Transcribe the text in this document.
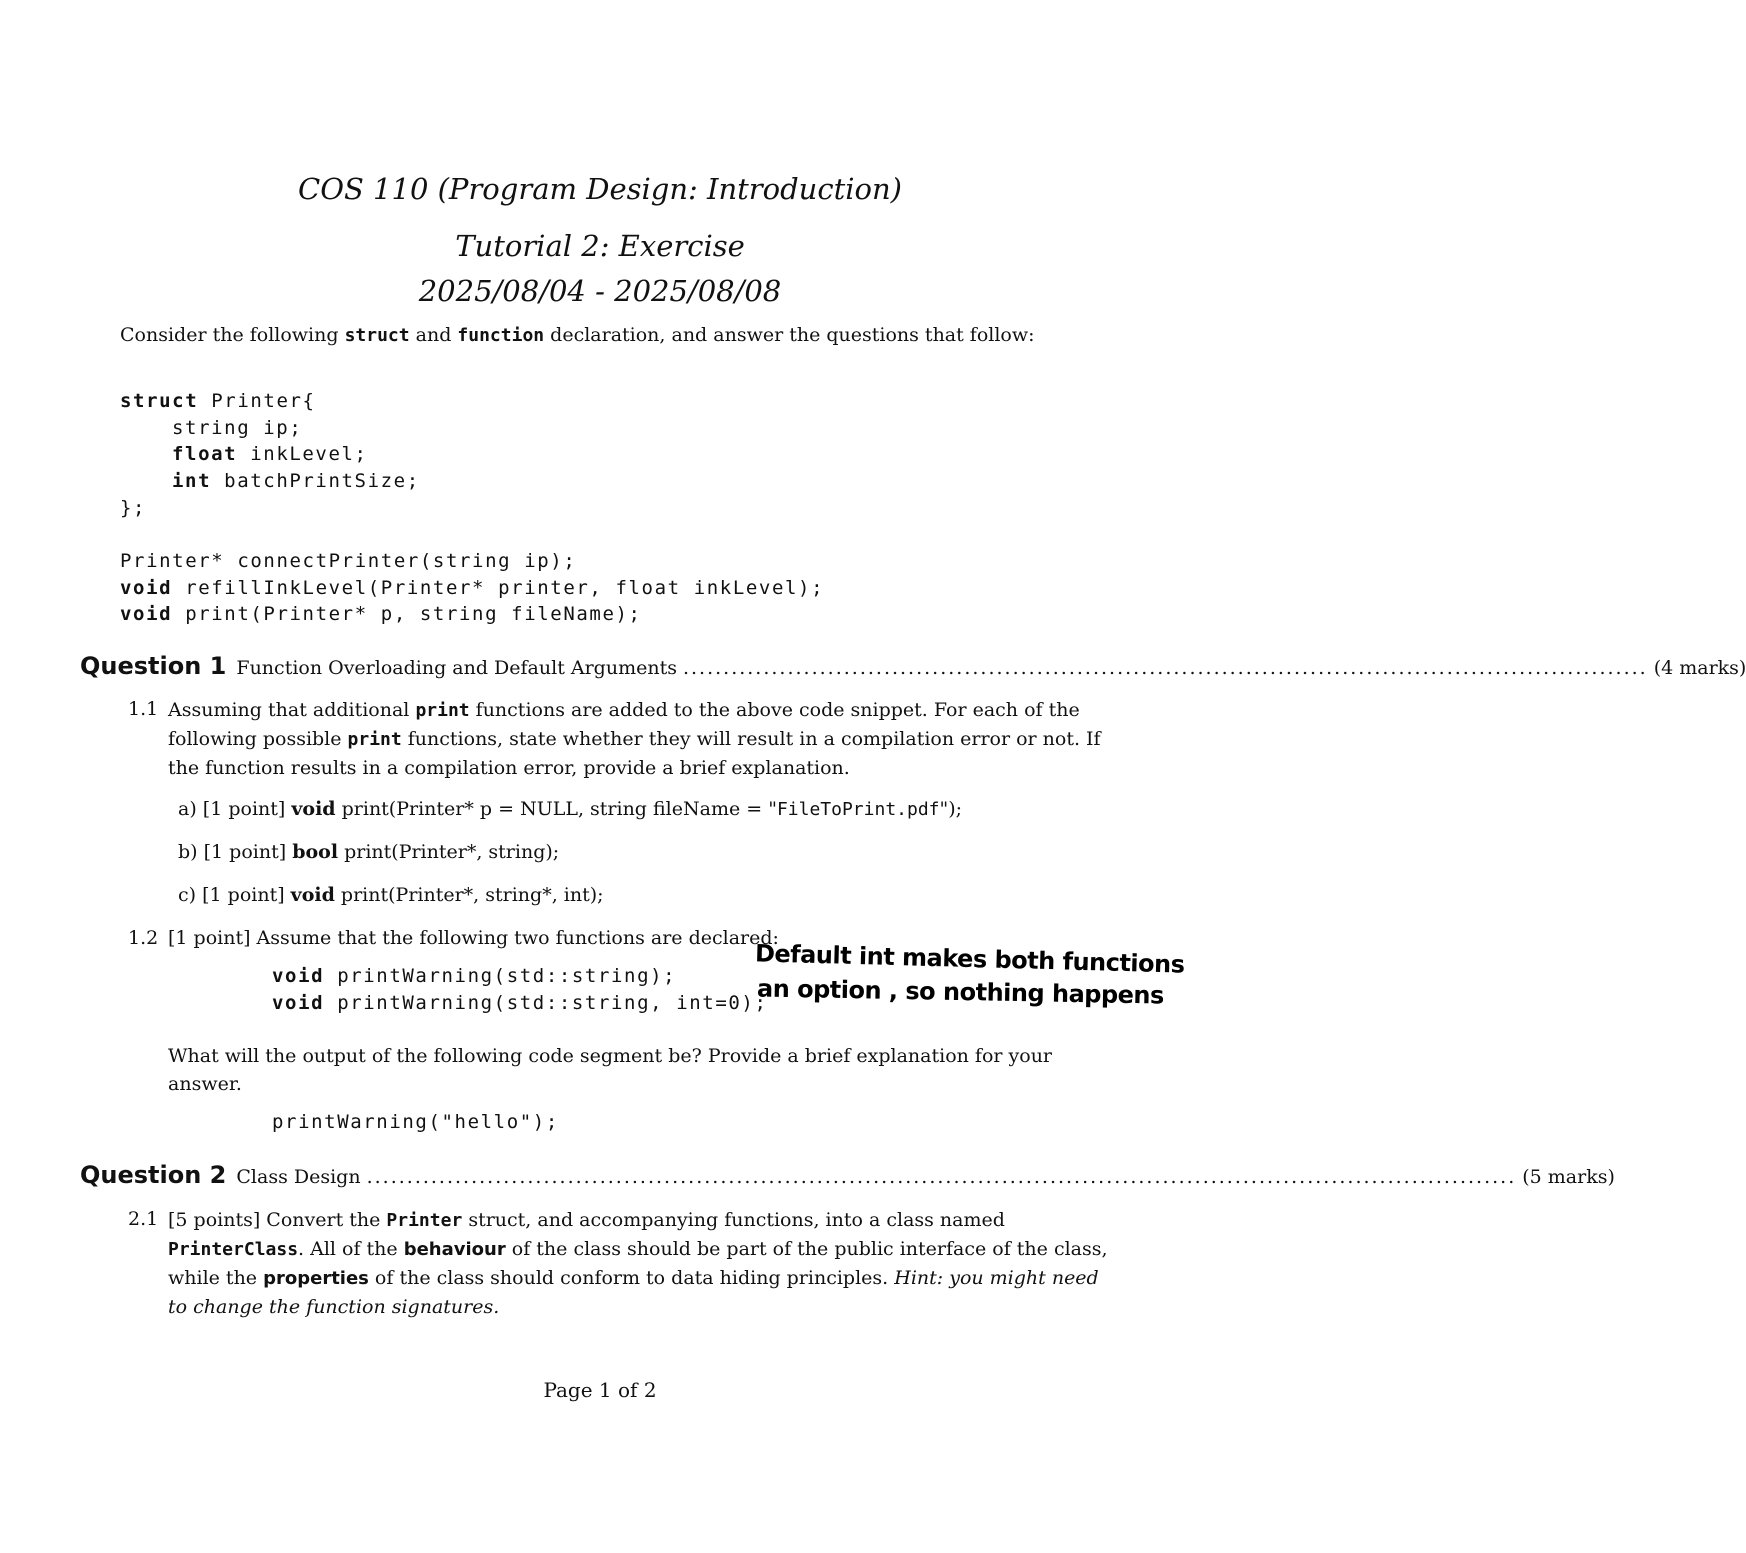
COS 110 (Program Design: Introduction)
Tutorial 2: Exercise
2025/08/04 - 2025/08/08
Consider the following struct and function declaration, and answer the questions that follow:
struct Printer{
string ip;
float inkLevel;
int batchPrintSize;
};
Printer* connectPrinter(string ip);
void refillInkLevel(Printer* printer, float inkLevel);
void print(Printer* p, string fileName);
Question 1 Function Overloading and Default Arguments ........................................................................................................................ (4 marks)
1.1 Assuming that additional print functions are added to the above code snippet. For each of the following possible print functions, state whether they will result in a compilation error or not. If the function results in a compilation error, provide a brief explanation.
a) [1 point] void print(Printer* p = NULL, string fileName = "FileToPrint.pdf");
b) [1 point] bool print(Printer*, string);
c) [1 point] void print(Printer*, string*, int);
1.2 [1 point] Assume that the following two functions are declared:
void printWarning(std::string);
void printWarning(std::string, int=0);
Default int makes both functions
an option , so nothing happens
What will the output of the following code segment be? Provide a brief explanation for your answer.
printWarning("hello");
Question 2 Class Design ............................................................................................................................................... (5 marks)
2.1 [5 points] Convert the Printer struct, and accompanying functions, into a class named PrinterClass. All of the behaviour of the class should be part of the public interface of the class, while the properties of the class should conform to data hiding principles. Hint: you might need to change the function signatures.
Page 1 of 2
